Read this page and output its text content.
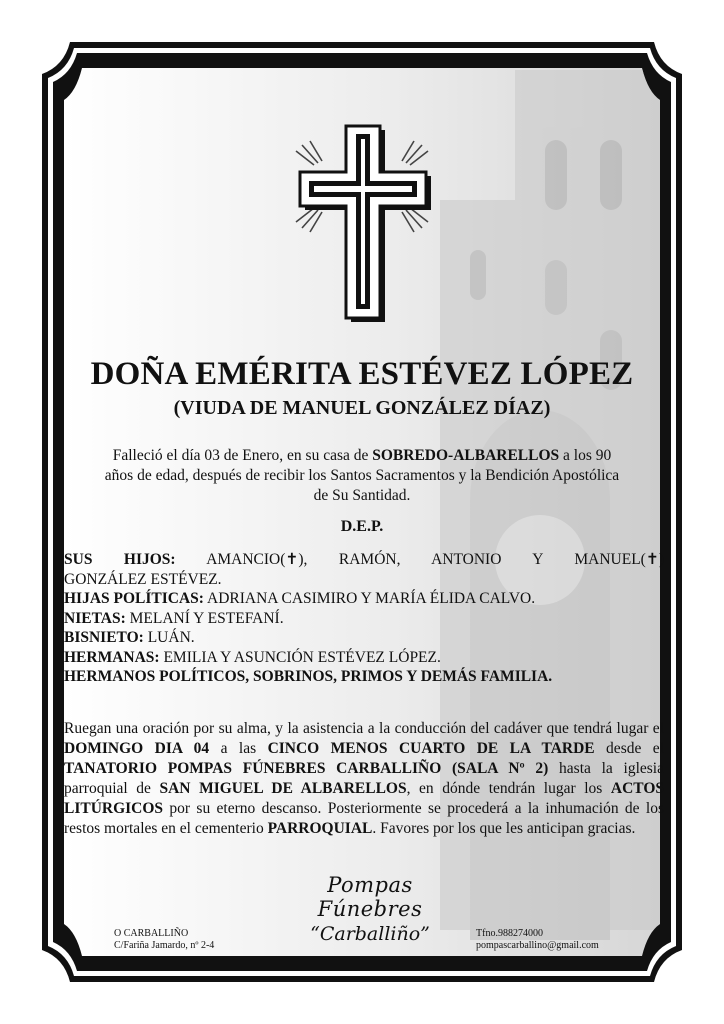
DOÑA EMÉRITA ESTÉVEZ LÓPEZ
(VIUDA DE MANUEL GONZÁLEZ DÍAZ)
Falleció el día 03 de Enero, en su casa de SOBREDO-ALBARELLOS a los 90 años de edad, después de recibir los Santos Sacramentos y la Bendición Apostólica de Su Santidad.
D.E.P.

SUS HIJOS: AMANCIO(✝), RAMÓN, ANTONIO Y MANUEL(✝)

GONZÁLEZ ESTÉVEZ.

HIJAS POLÍTICAS: ADRIANA CASIMIRO Y MARÍA ÉLIDA CALVO.

NIETAS: MELANÍ Y ESTEFANÍ.

BISNIETO: LUÁN.

HERMANAS: EMILIA Y ASUNCIÓN ESTÉVEZ LÓPEZ.

HERMANOS POLÍTICOS, SOBRINOS, PRIMOS Y DEMÁS FAMILIA.

Ruegan una oración por su alma, y la asistencia a la conducción del cadáver que tendrá lugar el DOMINGO DIA 04 a las CINCO MENOS CUARTO DE LA TARDE desde el TANATORIO POMPAS FÚNEBRES CARBALLIÑO (SALA Nº 2) hasta la iglesia parroquial de SAN MIGUEL DE ALBARELLOS, en dónde tendrán lugar los ACTOS LITÚRGICOS por su eterno descanso. Posteriormente se procederá a la inhumación de los restos mortales en el cementerio PARROQUIAL. Favores por los que les anticipan gracias.
Pompas Fúnebres
“Carballiño”
O CARBALLIÑO
C/Fariña Jamardo, nº 2-4
Tfno.988274000
pompascarballino@gmail.com
